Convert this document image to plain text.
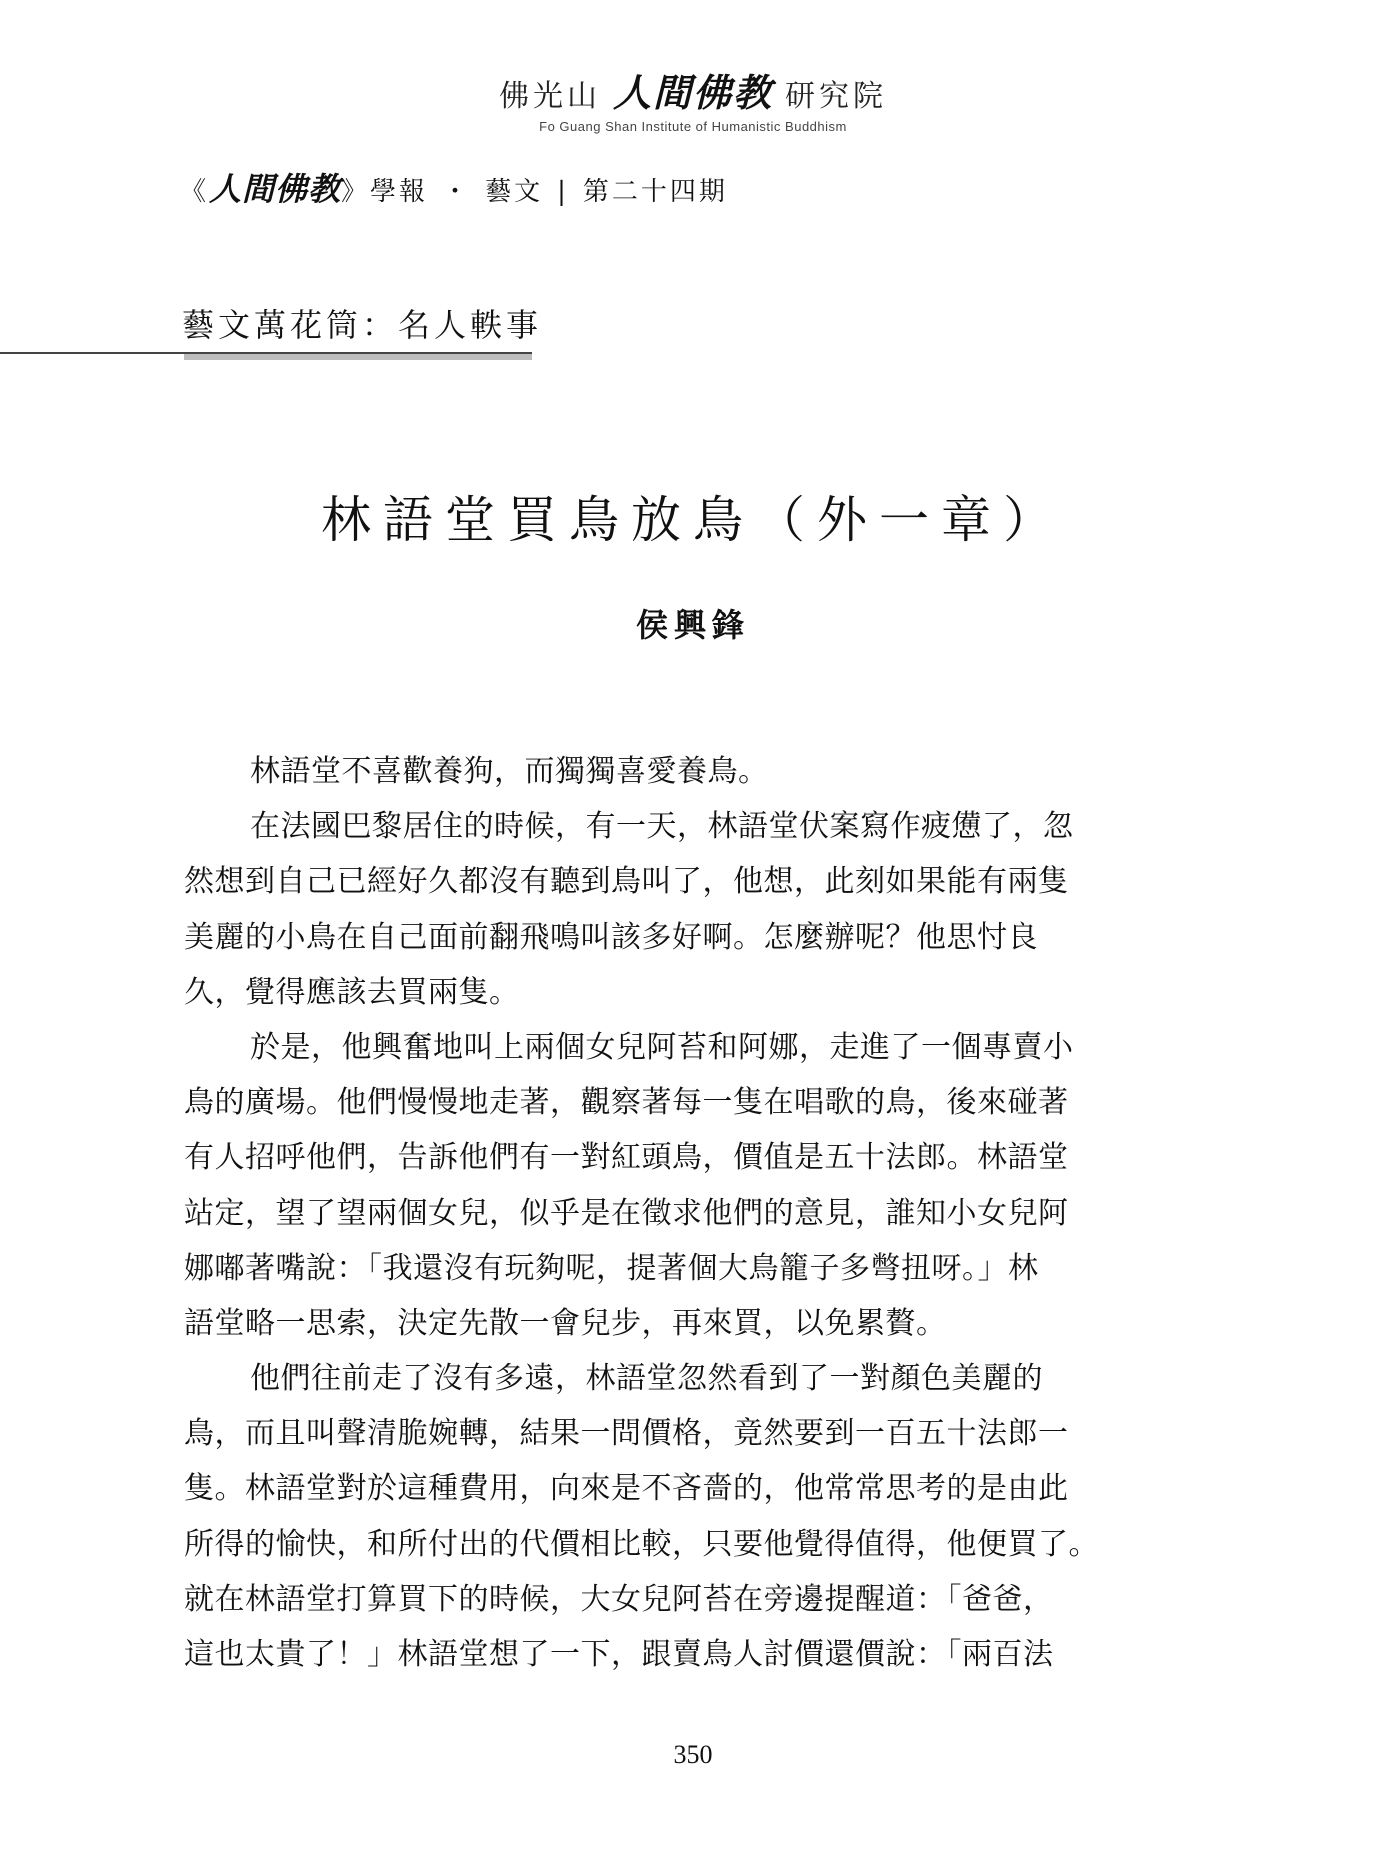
佛光山 人間佛教 研究院
Fo Guang Shan Institute of Humanistic Buddhism
《 人間佛教 》學報 ・ 藝文 | 第二十四期
藝文萬花筒：名人軼事
林語堂買鳥放鳥（外一章）
侯興鋒
林語堂不喜歡養狗，而獨獨喜愛養鳥。
在法國巴黎居住的時候，有一天，林語堂伏案寫作疲憊了，忽
然想到自己已經好久都沒有聽到鳥叫了，他想，此刻如果能有兩隻
美麗的小鳥在自己面前翻飛鳴叫該多好啊。怎麼辦呢？他思忖良
久，覺得應該去買兩隻。
於是，他興奮地叫上兩個女兒阿苔和阿娜，走進了一個專賣小
鳥的廣場。他們慢慢地走著，觀察著每一隻在唱歌的鳥，後來碰著
有人招呼他們，告訴他們有一對紅頭鳥，價值是五十法郎。林語堂
站定，望了望兩個女兒，似乎是在徵求他們的意見，誰知小女兒阿
娜嘟著嘴說：「我還沒有玩夠呢，提著個大鳥籠子多彆扭呀。」林
語堂略一思索，決定先散一會兒步，再來買，以免累贅。
他們往前走了沒有多遠，林語堂忽然看到了一對顏色美麗的
鳥，而且叫聲清脆婉轉，結果一問價格，竟然要到一百五十法郎一
隻。林語堂對於這種費用，向來是不吝嗇的，他常常思考的是由此
所得的愉快，和所付出的代價相比較，只要他覺得值得，他便買了。
就在林語堂打算買下的時候，大女兒阿苔在旁邊提醒道：「爸爸，
這也太貴了！」林語堂想了一下，跟賣鳥人討價還價說：「兩百法
350
